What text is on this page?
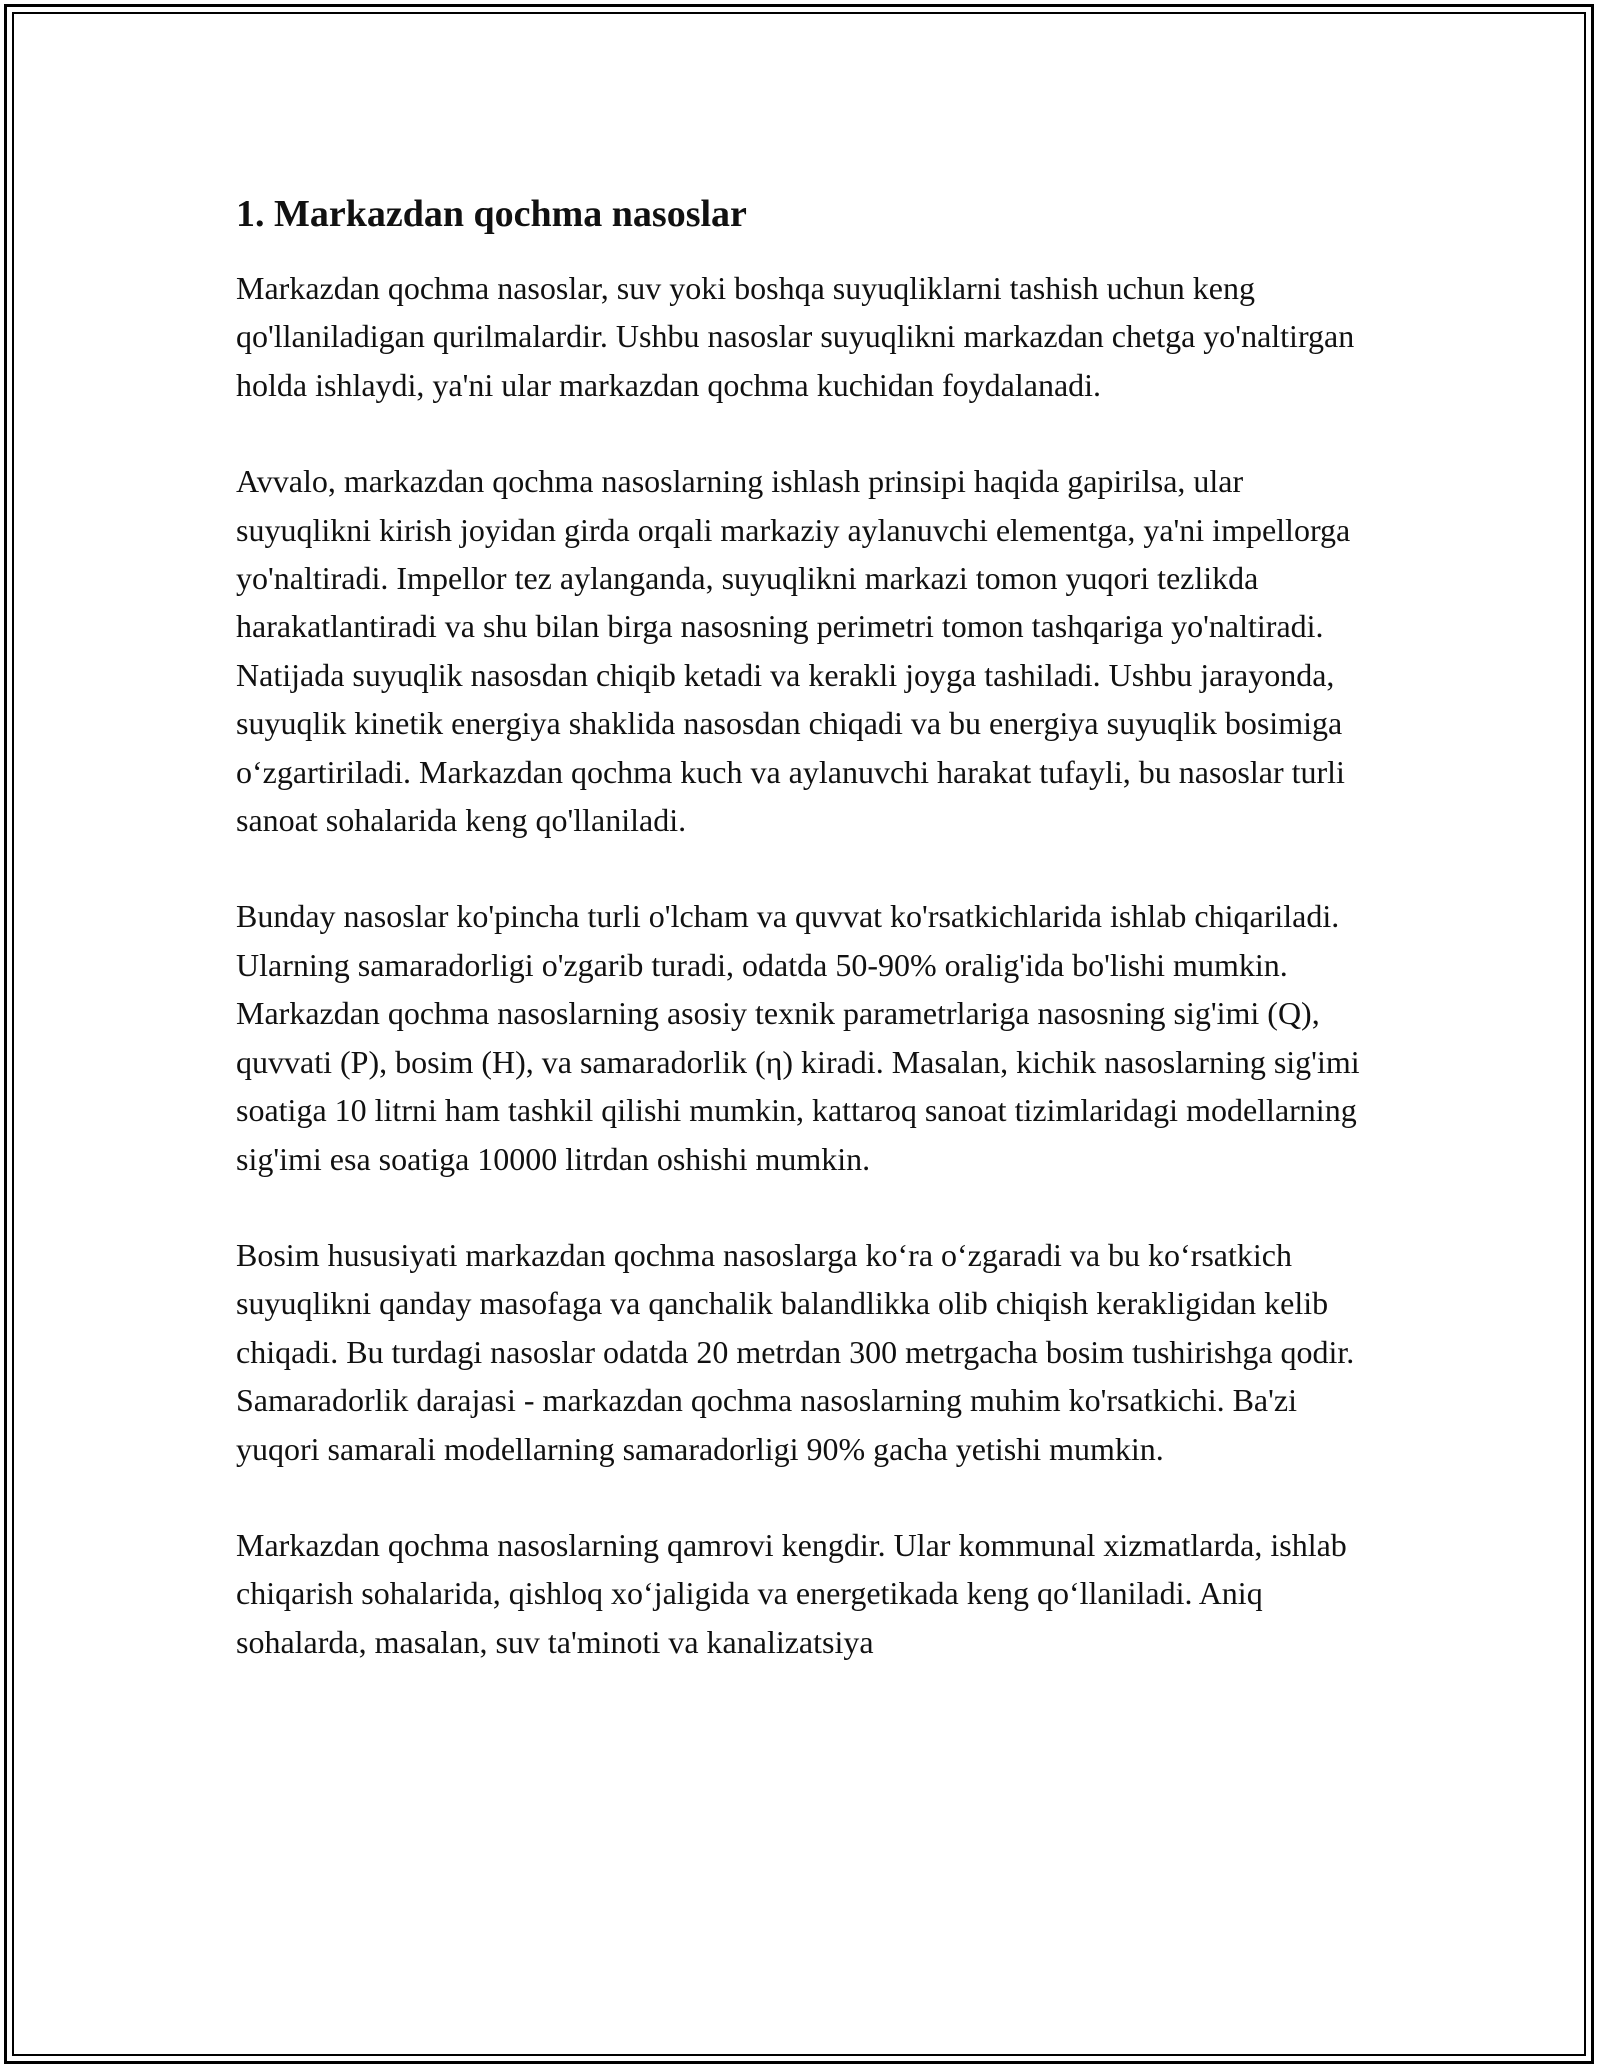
1. Markazdan qochma nasoslar

Markazdan qochma nasoslar, suv yoki boshqa suyuqliklarni tashish uchun keng qo'llaniladigan qurilmalardir. Ushbu nasoslar suyuqlikni markazdan chetga yo'naltirgan holda ishlaydi, ya'ni ular markazdan qochma kuchidan foydalanadi.

Avvalo, markazdan qochma nasoslarning ishlash prinsipi haqida gapirilsa, ular suyuqlikni kirish joyidan girda orqali markaziy aylanuvchi elementga, ya'ni impellorga yo'naltiradi. Impellor tez aylanganda, suyuqlikni markazi tomon yuqori tezlikda harakatlantiradi va shu bilan birga nasosning perimetri tomon tashqariga yo'naltiradi. Natijada suyuqlik nasosdan chiqib ketadi va kerakli joyga tashiladi. Ushbu jarayonda, suyuqlik kinetik energiya shaklida nasosdan chiqadi va bu energiya suyuqlik bosimiga o‘zgartiriladi. Markazdan qochma kuch va aylanuvchi harakat tufayli, bu nasoslar turli sanoat sohalarida keng qo'llaniladi.

Bunday nasoslar ko'pincha turli o'lcham va quvvat ko'rsatkichlarida ishlab chiqariladi. Ularning samaradorligi o'zgarib turadi, odatda 50-90% oralig'ida bo'lishi mumkin. Markazdan qochma nasoslarning asosiy texnik parametrlariga nasosning sig'imi (Q), quvvati (P), bosim (H), va samaradorlik (η) kiradi. Masalan, kichik nasoslarning sig'imi soatiga 10 litrni ham tashkil qilishi mumkin, kattaroq sanoat tizimlaridagi modellarning sig'imi esa soatiga 10000 litrdan oshishi mumkin.

Bosim hususiyati markazdan qochma nasoslarga ko‘ra o‘zgaradi va bu ko‘rsatkich suyuqlikni qanday masofaga va qanchalik balandlikka olib chiqish kerakligidan kelib chiqadi. Bu turdagi nasoslar odatda 20 metrdan 300 metrgacha bosim tushirishga qodir. Samaradorlik darajasi - markazdan qochma nasoslarning muhim ko'rsatkichi. Ba'zi yuqori samarali modellarning samaradorligi 90% gacha yetishi mumkin.

Markazdan qochma nasoslarning qamrovi kengdir. Ular kommunal xizmatlarda, ishlab chiqarish sohalarida, qishloq xo‘jaligida va energetikada keng qo‘llaniladi. Aniq sohalarda, masalan, suv ta'minoti va kanalizatsiya
